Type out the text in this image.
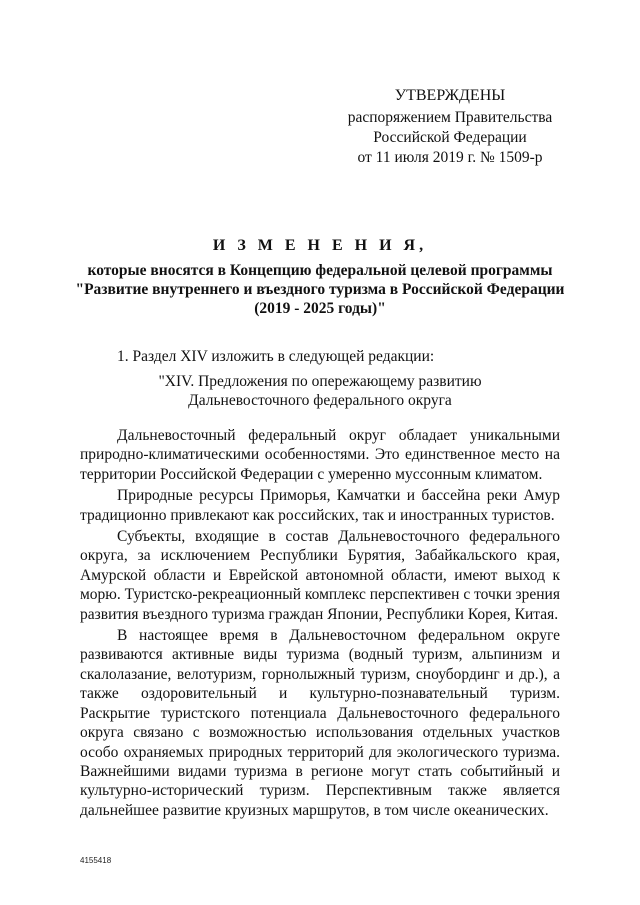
УТВЕРЖДЕНЫ
распоряжением Правительства
Российской Федерации
от 11 июля 2019 г. № 1509-р
И З М Е Н Е Н И Я,
которые вносятся в Концепцию федеральной целевой программы
"Развитие внутреннего и въездного туризма в Российской Федерации
(2019 - 2025 годы)"
1. Раздел XIV изложить в следующей редакции:
"XIV. Предложения по опережающему развитию
Дальневосточного федерального округа

Дальневосточный федеральный округ обладает уникальными природно-климатическими особенностями. Это единственное место на территории Российской Федерации с умеренно муссонным климатом.

Природные ресурсы Приморья, Камчатки и бассейна реки Амур традиционно привлекают как российских, так и иностранных туристов.

Субъекты, входящие в состав Дальневосточного федерального округа, за исключением Республики Бурятия, Забайкальского края, Амурской области и Еврейской автономной области, имеют выход к морю. Туристско-рекреационный комплекс перспективен с точки зрения развития въездного туризма граждан Японии, Республики Корея, Китая.

В настоящее время в Дальневосточном федеральном округе развиваются активные виды туризма (водный туризм, альпинизм и скалолазание, велотуризм, горнолыжный туризм, сноубординг и др.), а также оздоровительный и культурно-познавательный туризм. Раскрытие туристского потенциала Дальневосточного федерального округа связано с возможностью использования отдельных участков особо охраняемых природных территорий для экологического туризма. Важнейшими видами туризма в регионе могут стать событийный и культурно-исторический туризм. Перспективным также является дальнейшее развитие круизных маршрутов, в том числе океанических.

4155418
